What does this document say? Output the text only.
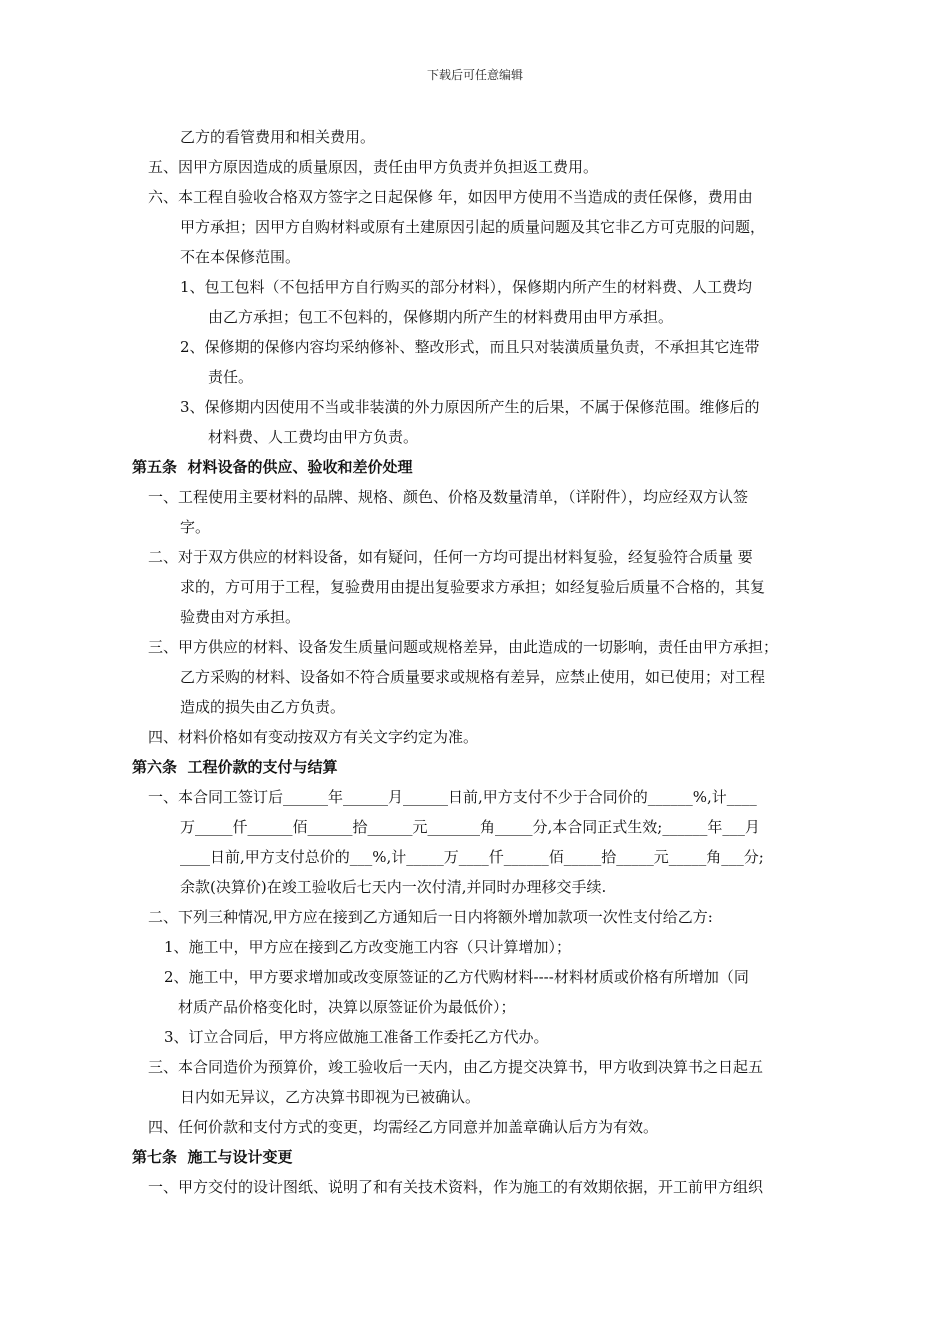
下载后可任意编辑
乙方的看管费用和相关费用。
五、因甲方原因造成的质量原因，责任由甲方负责并负担返工费用。
六、本工程自验收合格双方签字之日起保修 年，如因甲方使用不当造成的责任保修，费用由
甲方承担；因甲方自购材料或原有土建原因引起的质量问题及其它非乙方可克服的问题，
不在本保修范围。
1、包工包料（不包括甲方自行购买的部分材料），保修期内所产生的材料费、人工费均
由乙方承担；包工不包料的，保修期内所产生的材料费用由甲方承担。
2、保修期的保修内容均采纳修补、整改形式，而且只对装潢质量负责，不承担其它连带
责任。
3、保修期内因使用不当或非装潢的外力原因所产生的后果，不属于保修范围。维修后的
材料费、人工费均由甲方负责。
第五条  材料设备的供应、验收和差价处理
一、工程使用主要材料的品牌、规格、颜色、价格及数量清单，（详附件），均应经双方认签
字。
二、对于双方供应的材料设备，如有疑问，任何一方均可提出材料复验，经复验符合质量 要
求的，方可用于工程，复验费用由提出复验要求方承担；如经复验后质量不合格的，其复
验费由对方承担。
三、甲方供应的材料、设备发生质量问题或规格差异，由此造成的一切影响，责任由甲方承担；
乙方采购的材料、设备如不符合质量要求或规格有差异，应禁止使用，如已使用；对工程
造成的损失由乙方负责。
四、材料价格如有变动按双方有关文字约定为准。
第六条  工程价款的支付与结算
一、本合同工签订后______年______月______日前,甲方支付不少于合同价的______%,计____
万_____仟______佰______拾______元_______角_____分,本合同正式生效;______年___月
____日前,甲方支付总价的___%,计_____万____仟______佰_____拾_____元_____角___分;
余款(决算价)在竣工验收后七天内一次付清,并同时办理移交手续.
二、下列三种情况,甲方应在接到乙方通知后一日内将额外增加款项一次性支付给乙方:
1、施工中，甲方应在接到乙方改变施工内容（只计算增加）；
2、施工中，甲方要求增加或改变原签证的乙方代购材料----材料材质或价格有所增加（同
材质产品价格变化时，决算以原签证价为最低价）；
3、订立合同后，甲方将应做施工准备工作委托乙方代办。
三、本合同造价为预算价，竣工验收后一天内，由乙方提交决算书，甲方收到决算书之日起五
日内如无异议，乙方决算书即视为已被确认。
四、任何价款和支付方式的变更，均需经乙方同意并加盖章确认后方为有效。
第七条  施工与设计变更
一、甲方交付的设计图纸、说明了和有关技术资料，作为施工的有效期依据，开工前甲方组织
